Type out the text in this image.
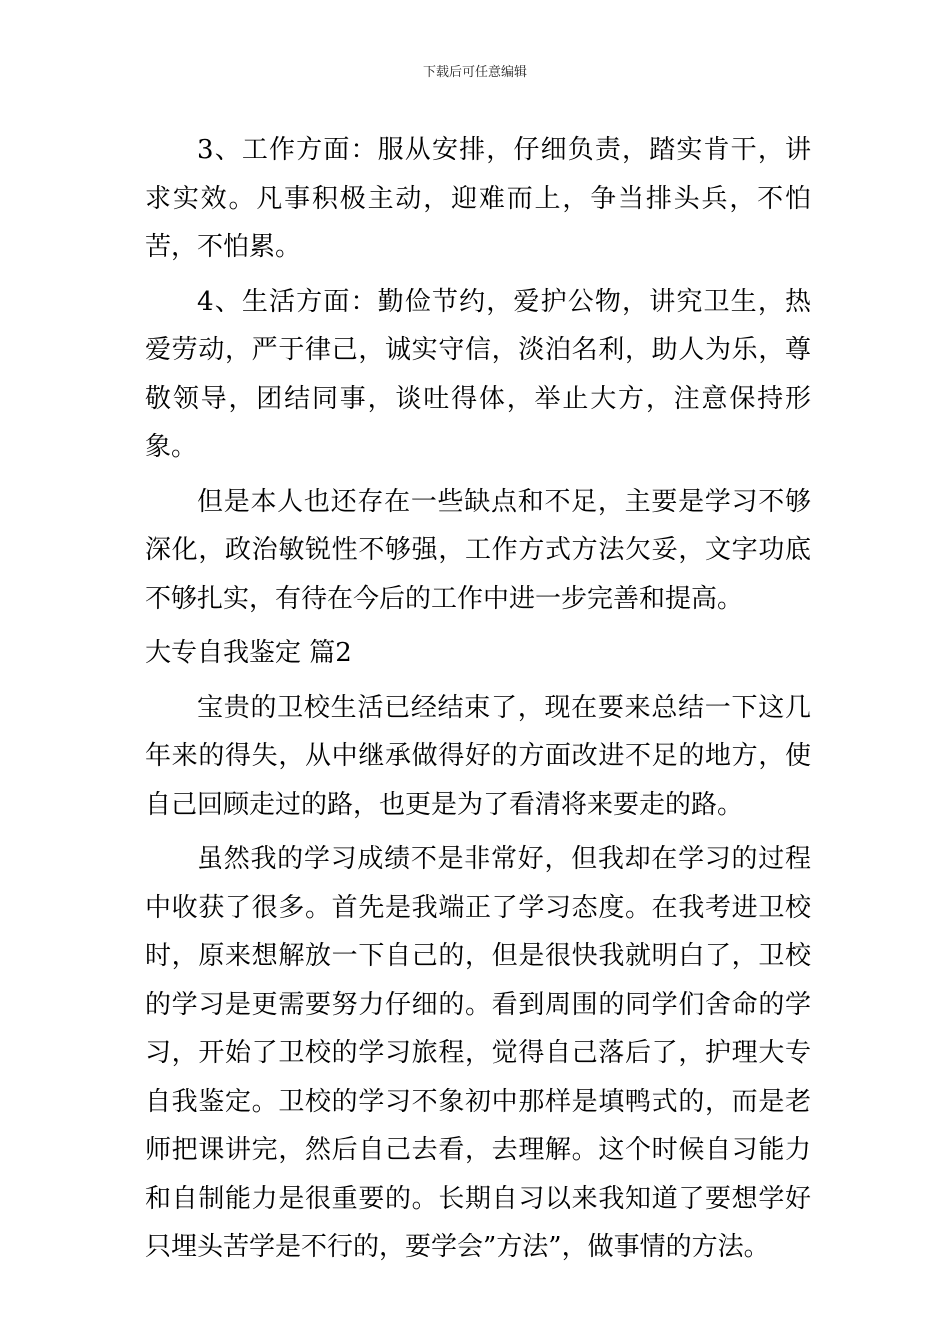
下载后可任意编辑

3、工作方面：服从安排，仔细负责，踏实肯干，讲求实效。凡事积极主动，迎难而上，争当排头兵，不怕苦，不怕累。

4、生活方面：勤俭节约，爱护公物，讲究卫生，热爱劳动，严于律己，诚实守信，淡泊名利，助人为乐，尊敬领导，团结同事，谈吐得体，举止大方，注意保持形象。

但是本人也还存在一些缺点和不足，主要是学习不够深化，政治敏锐性不够强，工作方式方法欠妥，文字功底不够扎实，有待在今后的工作中进一步完善和提高。

大专自我鉴定 篇2

宝贵的卫校生活已经结束了，现在要来总结一下这几年来的得失，从中继承做得好的方面改进不足的地方，使自己回顾走过的路，也更是为了看清将来要走的路。

虽然我的学习成绩不是非常好，但我却在学习的过程中收获了很多。首先是我端正了学习态度。在我考进卫校时，原来想解放一下自己的，但是很快我就明白了，卫校的学习是更需要努力仔细的。看到周围的同学们舍命的学习，开始了卫校的学习旅程，觉得自己落后了，护理大专自我鉴定。卫校的学习不象初中那样是填鸭式的，而是老师把课讲完，然后自己去看，去理解。这个时候自习能力和自制能力是很重要的。长期自习以来我知道了要想学好只埋头苦学是不行的，要学会”方法”，做事情的方法。
